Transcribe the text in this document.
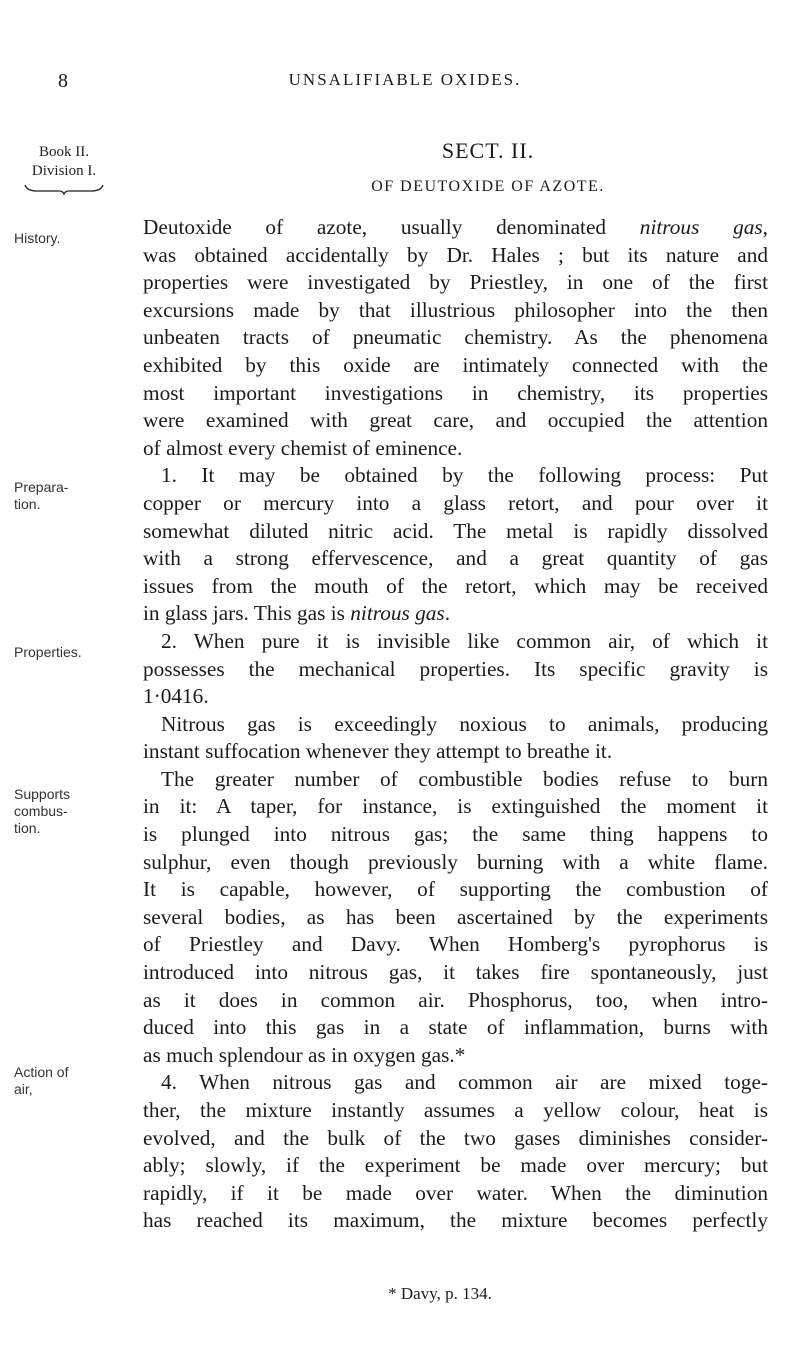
8	UNSALIFIABLE OXIDES.
Book II.
Division I.
History.
Prepara-
tion.
Properties.
Supports
combus-
tion.
Action of
air,
SECT. II.
OF DEUTOXIDE OF AZOTE.
Deutoxide of azote, usually denominated nitrous gas,
was obtained accidentally by Dr. Hales ; but its nature and
properties were investigated by Priestley, in one of the first
excursions made by that illustrious philosopher into the then
unbeaten tracts of pneumatic chemistry. As the phenomena
exhibited by this oxide are intimately connected with the
most important investigations in chemistry, its properties
were examined with great care, and occupied the attention
of almost every chemist of eminence.
1. It may be obtained by the following process: Put
copper or mercury into a glass retort, and pour over it
somewhat diluted nitric acid. The metal is rapidly dissolved
with a strong effervescence, and a great quantity of gas
issues from the mouth of the retort, which may be received
in glass jars. This gas is nitrous gas.
2. When pure it is invisible like common air, of which it
possesses the mechanical properties. Its specific gravity is
1·0416.
Nitrous gas is exceedingly noxious to animals, producing
instant suffocation whenever they attempt to breathe it.
The greater number of combustible bodies refuse to burn
in it: A taper, for instance, is extinguished the moment it
is plunged into nitrous gas; the same thing happens to
sulphur, even though previously burning with a white flame.
It is capable, however, of supporting the combustion of
several bodies, as has been ascertained by the experiments
of Priestley and Davy. When Homberg's pyrophorus is
introduced into nitrous gas, it takes fire spontaneously, just
as it does in common air. Phosphorus, too, when intro-
duced into this gas in a state of inflammation, burns with
as much splendour as in oxygen gas.*
4. When nitrous gas and common air are mixed toge-
ther, the mixture instantly assumes a yellow colour, heat is
evolved, and the bulk of the two gases diminishes consider-
ably; slowly, if the experiment be made over mercury; but
rapidly, if it be made over water. When the diminution
has reached its maximum, the mixture becomes perfectly
* Davy, p. 134.
